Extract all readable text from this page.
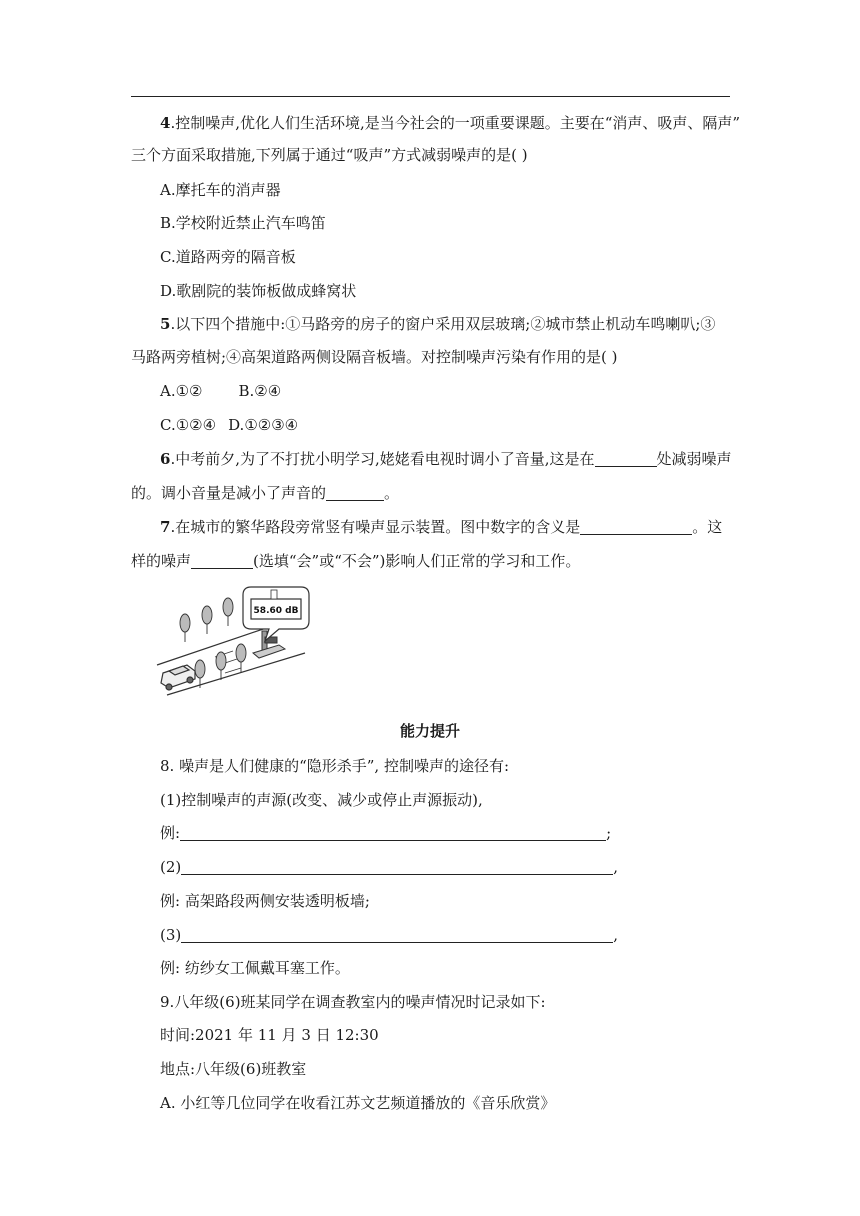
4.控制噪声,优化人们生活环境,是当今社会的一项重要课题。主要在“消声、吸声、隔声”
三个方面采取措施,下列属于通过“吸声”方式减弱噪声的是( )
A.摩托车的消声器
B.学校附近禁止汽车鸣笛
C.道路两旁的隔音板
D.歌剧院的装饰板做成蜂窝状
5.以下四个措施中:①马路旁的房子的窗户采用双层玻璃;②城市禁止机动车鸣喇叭;③
马路两旁植树;④高架道路两侧设隔音板墙。对控制噪声污染有作用的是( )
A.①② B.②④
C.①②④ D.①②③④
6.中考前夕,为了不打扰小明学习,姥姥看电视时调小了音量,这是在	处减弱噪声
的。调小音量是减小了声音的	。
7.在城市的繁华路段旁常竖有噪声显示装置。图中数字的含义是	。这
样的噪声	(选填“会”或“不会”)影响人们正常的学习和工作。
58.60 dB
能力提升
8. 噪声是人们健康的“隐形杀手”, 控制噪声的途径有:
(1)控制噪声的声源(改变、减少或停止声源振动),
例:	;
(2)	,
例: 高架路段两侧安装透明板墙;
(3)	,
例: 纺纱女工佩戴耳塞工作。
9.八年级(6)班某同学在调查教室内的噪声情况时记录如下:
时间:2021 年 11 月 3 日 12:30
地点:八年级(6)班教室
A. 小红等几位同学在收看江苏文艺频道播放的《音乐欣赏》
